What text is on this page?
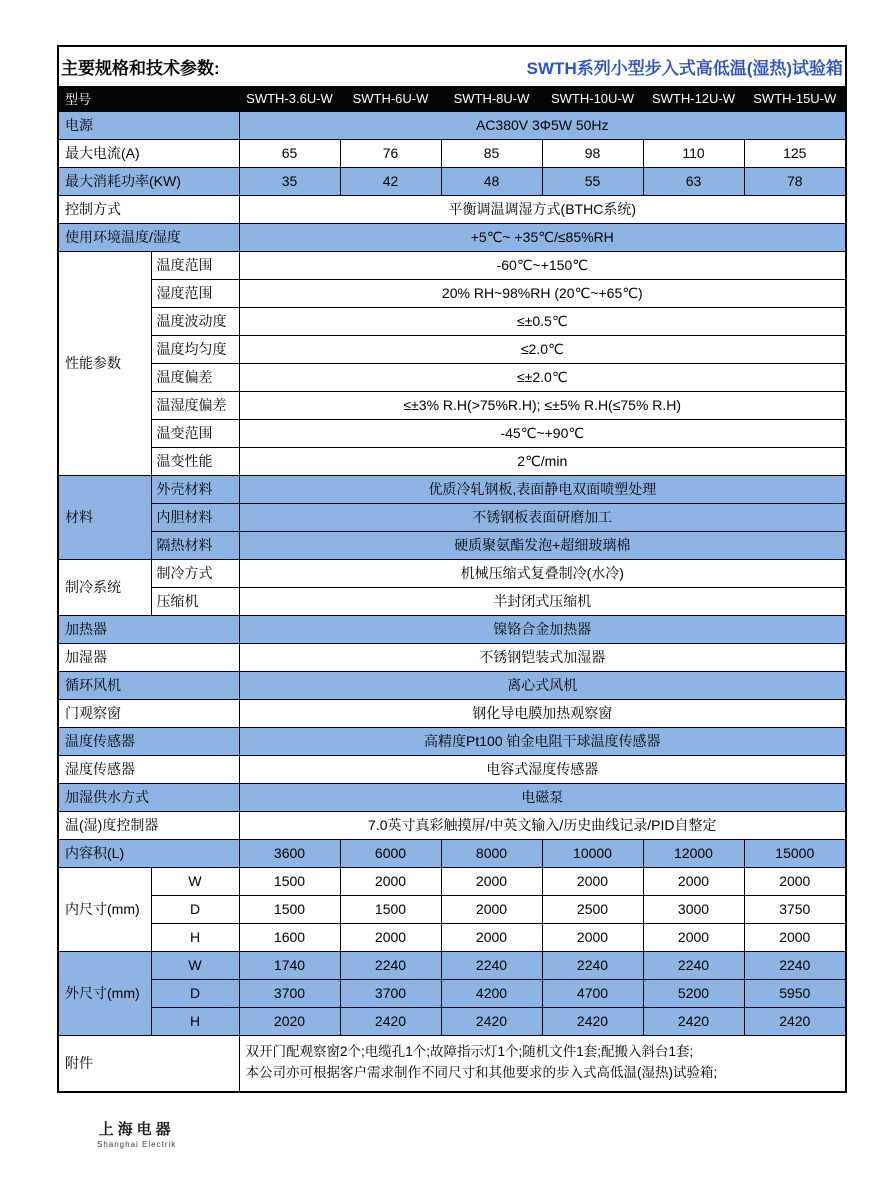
主要规格和技术参数: SWTH系列小型步入式高低温(湿热)试验箱							

型号		SWTH-3.6U-W	SWTH-6U-W	SWTH-8U-W	SWTH-10U-W	SWTH-12U-W	SWTH-15U-W
电源		AC380V 3Φ5W 50Hz					
最大电流(A)		65	76	85	98	110	125
最大消耗功率(KW)		35	42	48	55	63	78
控制方式		平衡调温调湿方式(BTHC系统)					
使用环境温度/湿度		+5℃~ +35℃/≤85%RH					
性能参数	温度范围	-60℃~+150℃					
	湿度范围	20% RH~98%RH (20℃~+65℃)					
	温度波动度	≤±0.5℃					
	温度均匀度	≤2.0℃					
	温度偏差	≤±2.0℃					
	温湿度偏差	≤±3% R.H(>75%R.H); ≤±5% R.H(≤75% R.H)					
	温变范围	-45℃~+90℃					
	温变性能	2℃/min					
材料	外壳材料	优质冷轧钢板,表面静电双面喷塑处理					
	内胆材料	不锈钢板表面研磨加工					
	隔热材料	硬质聚氨酯发泡+超细玻璃棉					
制冷系统	制冷方式	机械压缩式复叠制冷(水冷)					
	压缩机	半封闭式压缩机					
加热器		镍铬合金加热器					
加湿器		不锈钢铠装式加湿器					
循环风机		离心式风机					
门观察窗		钢化导电膜加热观察窗					
温度传感器		高精度Pt100 铂金电阻干球温度传感器					
湿度传感器		电容式湿度传感器					
加湿供水方式		电磁泵					
温(湿)度控制器		7.0英寸真彩触摸屏/中英文输入/历史曲线记录/PID自整定					
内容积(L)		3600	6000	8000	10000	12000	15000
内尺寸(mm)	W	1500	2000	2000	2000	2000	2000
	D	1500	1500	2000	2500	3000	3750
	H	1600	2000	2000	2000	2000	2000
外尺寸(mm)	W	1740	2240	2240	2240	2240	2240
	D	3700	3700	4200	4700	5200	5950
	H	2020	2420	2420	2420	2420	2420
附件		双开门配观察窗2个;电缆孔1个;故障指示灯1个;随机文件1套;配搬入斜台1套;
本公司亦可根据客户需求制作不同尺寸和其他要求的步入式高低温(湿热)试验箱;					
上海电器
Shanghai Electrik
